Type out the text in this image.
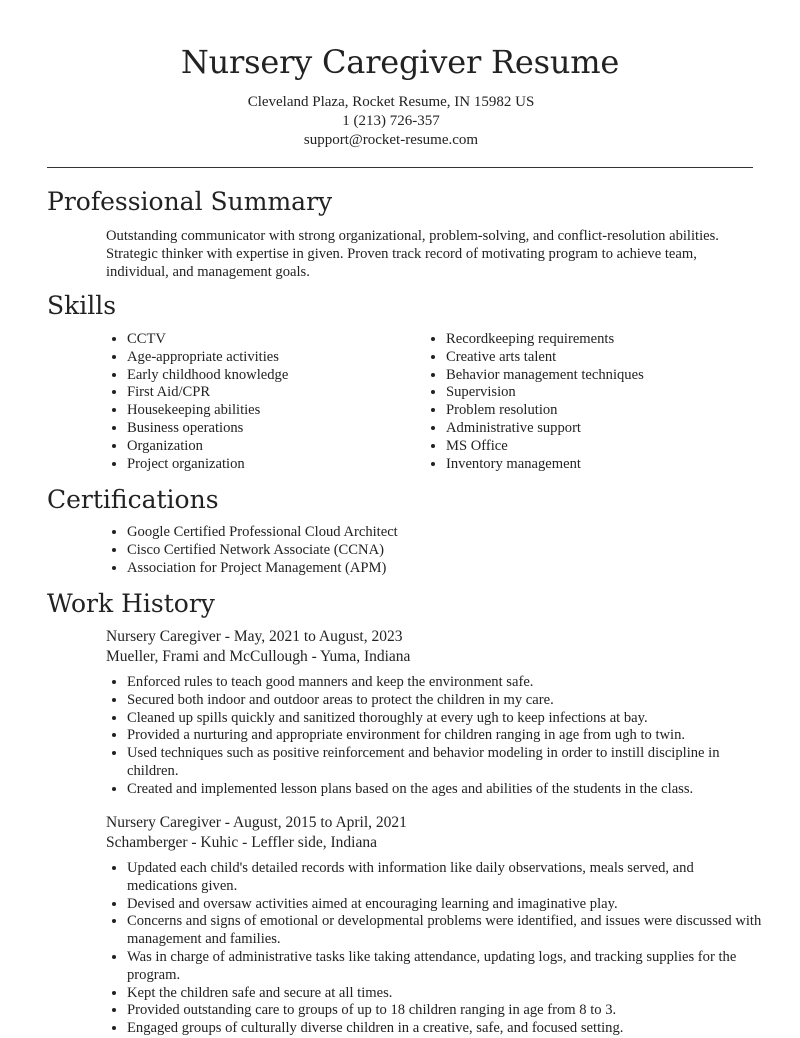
Nursery Caregiver Resume
Cleveland Plaza, Rocket Resume, IN 15982 US
1 (213) 726-357
support@rocket-resume.com
Professional Summary
Outstanding communicator with strong organizational, problem-solving, and conflict-resolution abilities. Strategic thinker with expertise in given. Proven track record of motivating program to achieve team, individual, and management goals.
Skills
• CCTV
• Age-appropriate activities
• Early childhood knowledge
• First Aid/CPR
• Housekeeping abilities
• Business operations
• Organization
• Project organization
• Recordkeeping requirements
• Creative arts talent
• Behavior management techniques
• Supervision
• Problem resolution
• Administrative support
• MS Office
• Inventory management
Certifications
• Google Certified Professional Cloud Architect
• Cisco Certified Network Associate (CCNA)
• Association for Project Management (APM)
Work History
Nursery Caregiver - May, 2021 to August, 2023
Mueller, Frami and McCullough - Yuma, Indiana
• Enforced rules to teach good manners and keep the environment safe.
• Secured both indoor and outdoor areas to protect the children in my care.
• Cleaned up spills quickly and sanitized thoroughly at every ugh to keep infections at bay.
• Provided a nurturing and appropriate environment for children ranging in age from ugh to twin.
• Used techniques such as positive reinforcement and behavior modeling in order to instill discipline in children.
• Created and implemented lesson plans based on the ages and abilities of the students in the class.
Nursery Caregiver - August, 2015 to April, 2021
Schamberger - Kuhic - Leffler side, Indiana
• Updated each child's detailed records with information like daily observations, meals served, and medications given.
• Devised and oversaw activities aimed at encouraging learning and imaginative play.
• Concerns and signs of emotional or developmental problems were identified, and issues were discussed with management and families.
• Was in charge of administrative tasks like taking attendance, updating logs, and tracking supplies for the program.
• Kept the children safe and secure at all times.
• Provided outstanding care to groups of up to 18 children ranging in age from 8 to 3.
• Engaged groups of culturally diverse children in a creative, safe, and focused setting.
